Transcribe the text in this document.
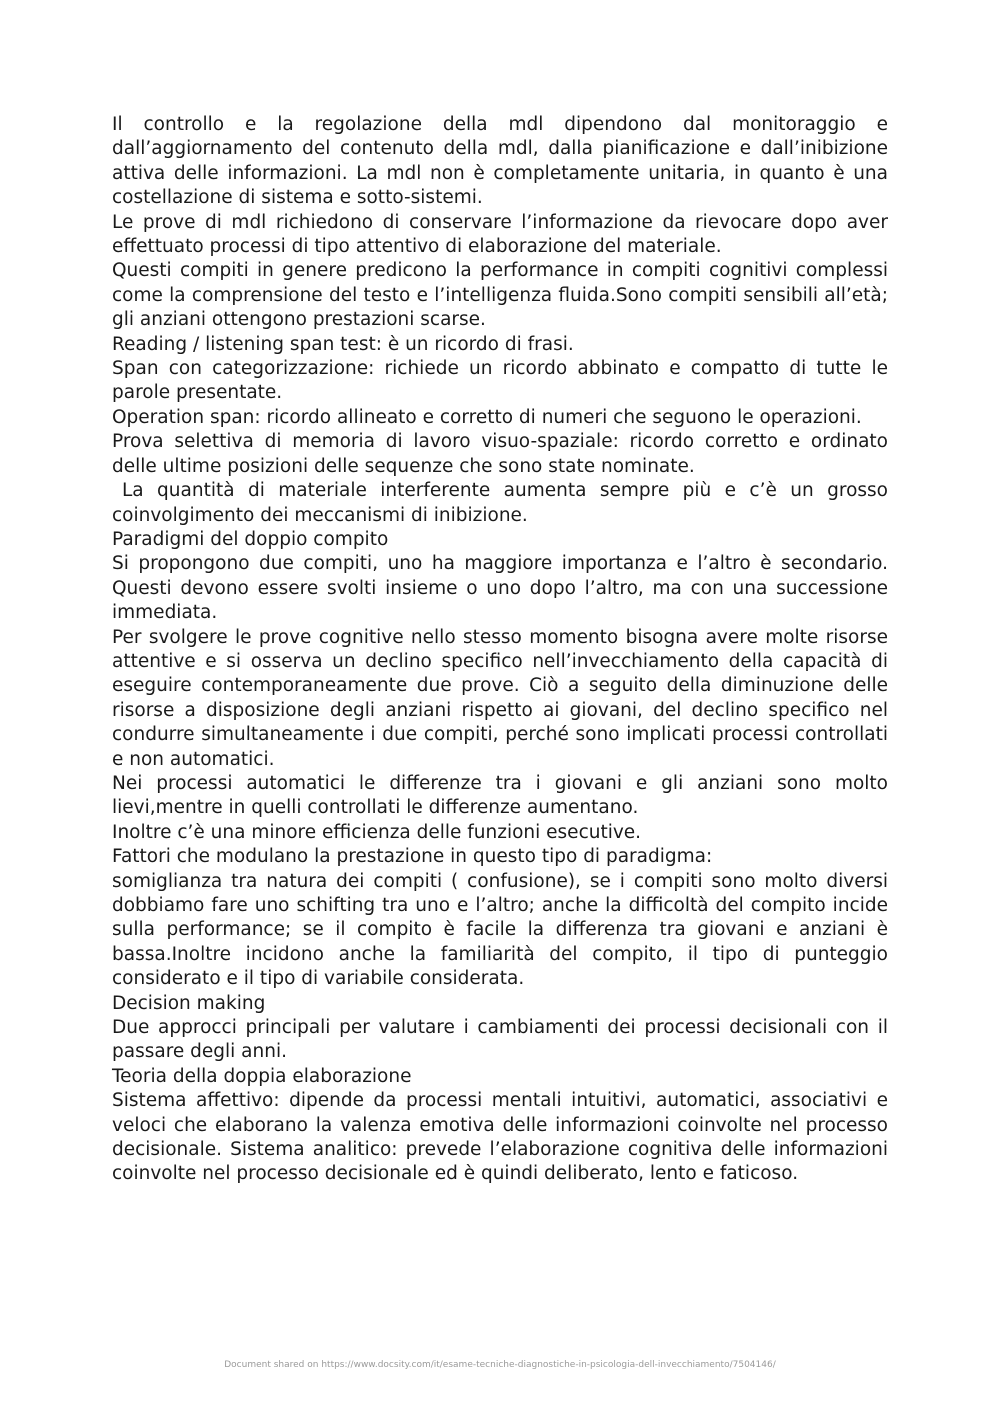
Il controllo e la regolazione della mdl dipendono dal monitoraggio e dall’aggiornamento del contenuto della mdl, dalla pianificazione e dall’inibizione attiva delle informazioni. La mdl non è completamente unitaria, in quanto è una costellazione di sistema e sotto-sistemi.

Le prove di mdl richiedono di conservare l’informazione da rievocare dopo aver effettuato processi di tipo attentivo di elaborazione del materiale.

Questi compiti in genere predicono la performance in compiti cognitivi complessi come la comprensione del testo e l’intelligenza fluida.Sono compiti sensibili all’età; gli anziani ottengono prestazioni scarse.

Reading / listening span test: è un ricordo di frasi.

Span con categorizzazione: richiede un ricordo abbinato e compatto di tutte le parole presentate.

Operation span: ricordo allineato e corretto di numeri che seguono le operazioni.

Prova selettiva di memoria di lavoro visuo-spaziale: ricordo corretto e ordinato delle ultime posizioni delle sequenze che sono state nominate.

La quantità di materiale interferente aumenta sempre più e c’è un grosso coinvolgimento dei meccanismi di inibizione.

Paradigmi del doppio compito

Si propongono due compiti, uno ha maggiore importanza e l’altro è secondario. Questi devono essere svolti insieme o uno dopo l’altro, ma con una successione immediata.

Per svolgere le prove cognitive nello stesso momento bisogna avere molte risorse attentive e si osserva un declino specifico nell’invecchiamento della capacità di eseguire contemporaneamente due prove. Ciò a seguito della diminuzione delle risorse a disposizione degli anziani rispetto ai giovani, del declino specifico nel condurre simultaneamente i due compiti, perché sono implicati processi controllati e non automatici.

Nei processi automatici le differenze tra i giovani e gli anziani sono molto lievi,mentre in quelli controllati le differenze aumentano.

Inoltre c’è una minore efficienza delle funzioni esecutive.

Fattori che modulano la prestazione in questo tipo di paradigma:

somiglianza tra natura dei compiti ( confusione), se i compiti sono molto diversi dobbiamo fare uno schifting tra uno e l’altro; anche la difficoltà del compito incide sulla performance; se il compito è facile la differenza tra giovani e anziani è bassa.Inoltre incidono anche la familiarità del compito, il tipo di punteggio considerato e il tipo di variabile considerata.

Decision making

Due approcci principali per valutare i cambiamenti dei processi decisionali con il passare degli anni.

Teoria della doppia elaborazione

Sistema affettivo: dipende da processi mentali intuitivi, automatici, associativi e veloci che elaborano la valenza emotiva delle informazioni coinvolte nel processo decisionale. Sistema analitico: prevede l’elaborazione cognitiva delle informazioni coinvolte nel processo decisionale ed è quindi deliberato, lento e faticoso.

Document shared on https://www.docsity.com/it/esame-tecniche-diagnostiche-in-psicologia-dell-invecchiamento/7504146/
